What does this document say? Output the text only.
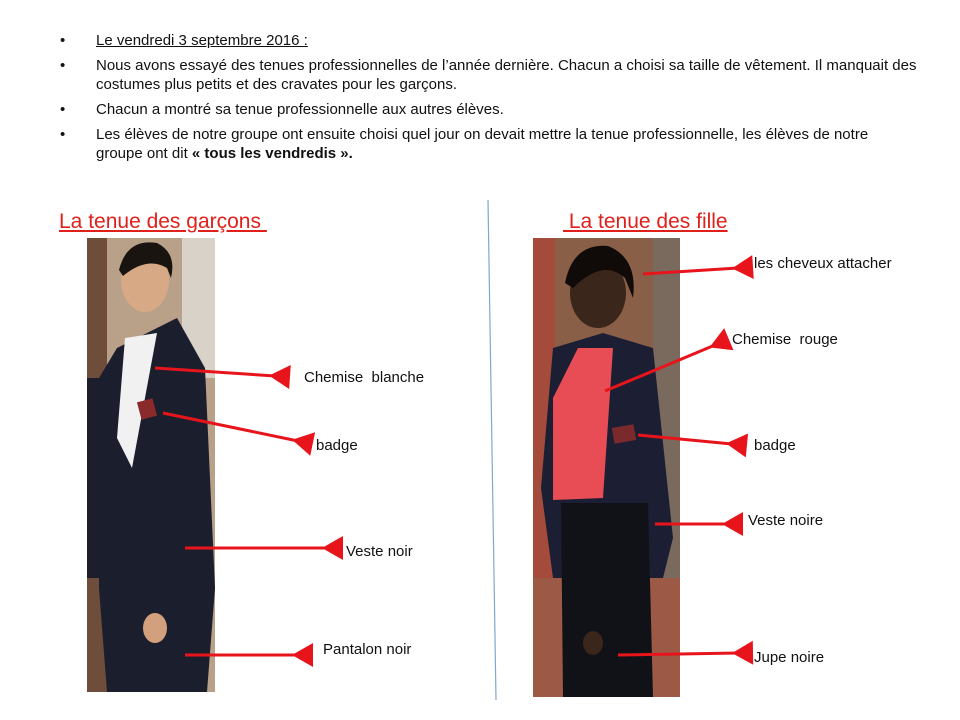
• Le vendredi 3 septembre 2016 :
• Nous avons essayé des tenues professionnelles de l’année dernière. Chacun a choisi sa taille de vêtement. Il manquait des costumes plus petits et des cravates pour les garçons.
• Chacun a montré sa tenue professionnelle aux autres élèves.
• Les élèves de notre groupe ont ensuite choisi quel jour on devait mettre la tenue professionnelle, les élèves de notre groupe ont dit « tous les vendredis ».
La tenue des garçons	La tenue des fille
Chemise  blanche
badge
Veste noir
Pantalon noir
les cheveux attacher
Chemise  rouge
badge
Veste noire
Jupe noire
